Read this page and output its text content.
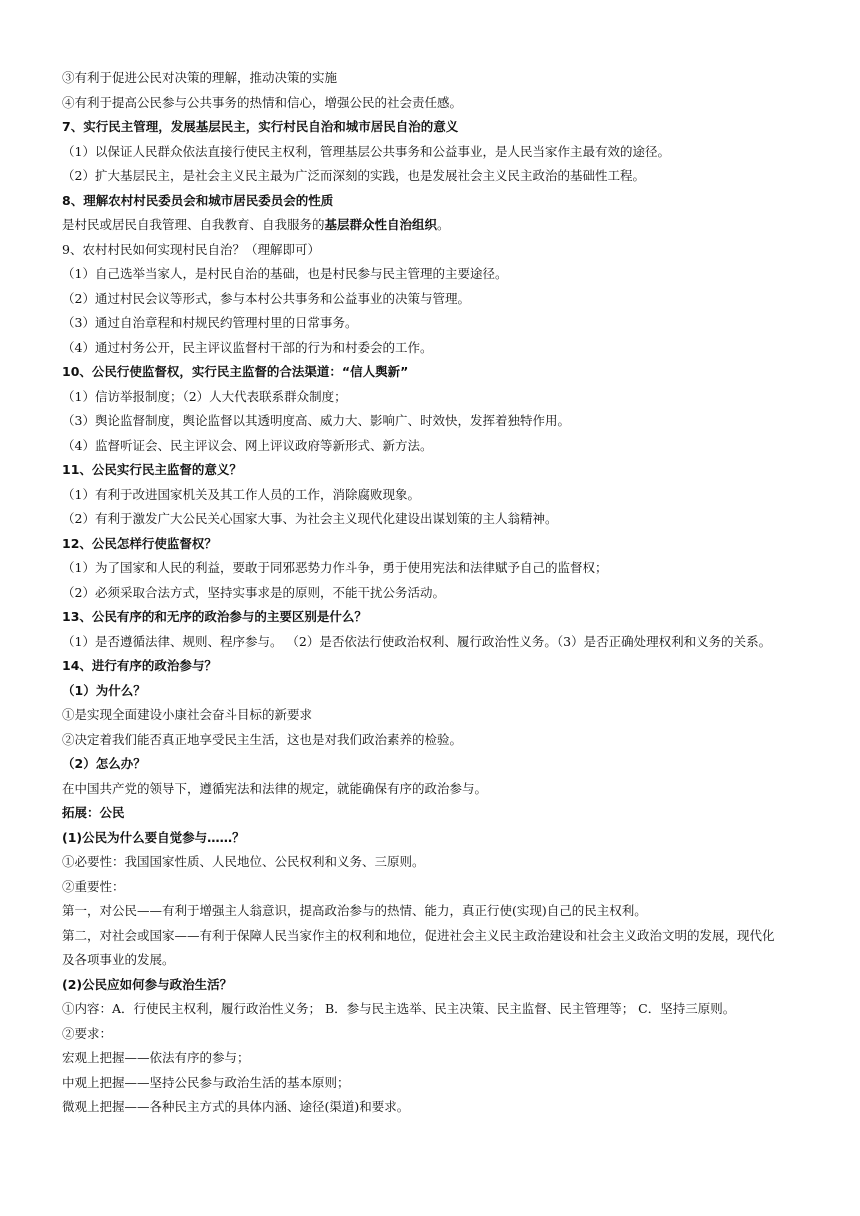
③有利于促进公民对决策的理解，推动决策的实施
④有利于提高公民参与公共事务的热情和信心，增强公民的社会责任感。
7、实行民主管理，发展基层民主，实行村民自治和城市居民自治的意义
（1）以保证人民群众依法直接行使民主权利，管理基层公共事务和公益事业，是人民当家作主最有效的途径。
（2）扩大基层民主，是社会主义民主最为广泛而深刻的实践，也是发展社会主义民主政治的基础性工程。
8、理解农村村民委员会和城市居民委员会的性质
是村民或居民自我管理、自我教育、自我服务的基层群众性自治组织。
9、农村村民如何实现村民自治？（理解即可）
（1）自己选举当家人，是村民自治的基础，也是村民参与民主管理的主要途径。
（2）通过村民会议等形式，参与本村公共事务和公益事业的决策与管理。
（3）通过自治章程和村规民约管理村里的日常事务。
（4）通过村务公开，民主评议监督村干部的行为和村委会的工作。
10、公民行使监督权，实行民主监督的合法渠道：“信人舆新”
（1）信访举报制度；（2）人大代表联系群众制度；
（3）舆论监督制度，舆论监督以其透明度高、威力大、影响广、时效快，发挥着独特作用。
（4）监督听证会、民主评议会、网上评议政府等新形式、新方法。
11、公民实行民主监督的意义？
（1）有利于改进国家机关及其工作人员的工作，消除腐败现象。
（2）有利于激发广大公民关心国家大事、为社会主义现代化建设出谋划策的主人翁精神。
12、公民怎样行使监督权？
（1）为了国家和人民的利益，要敢于同邪恶势力作斗争，勇于使用宪法和法律赋予自己的监督权；
（2）必须采取合法方式，坚持实事求是的原则，不能干扰公务活动。
13、公民有序的和无序的政治参与的主要区别是什么？
（1）是否遵循法律、规则、程序参与。 （2）是否依法行使政治权利、履行政治性义务。（3）是否正确处理权利和义务的关系。
14、进行有序的政治参与？
（1）为什么？
①是实现全面建设小康社会奋斗目标的新要求
②决定着我们能否真正地享受民主生活，这也是对我们政治素养的检验。
（2）怎么办？
在中国共产党的领导下，遵循宪法和法律的规定，就能确保有序的政治参与。
拓展：公民
(1)公民为什么要自觉参与……？
①必要性：我国国家性质、人民地位、公民权利和义务、三原则。
②重要性：
第一，对公民——有利于增强主人翁意识，提高政治参与的热情、能力，真正行使(实现)自己的民主权利。
第二，对社会或国家——有利于保障人民当家作主的权利和地位，促进社会主义民主政治建设和社会主义政治文明的发展，现代化
及各项事业的发展。
(2)公民应如何参与政治生活？
①内容：A．行使民主权利，履行政治性义务； B．参与民主选举、民主决策、民主监督、民主管理等； C．坚持三原则。
②要求：
宏观上把握——依法有序的参与；
中观上把握——坚持公民参与政治生活的基本原则；
微观上把握——各种民主方式的具体内涵、途径(渠道)和要求。
